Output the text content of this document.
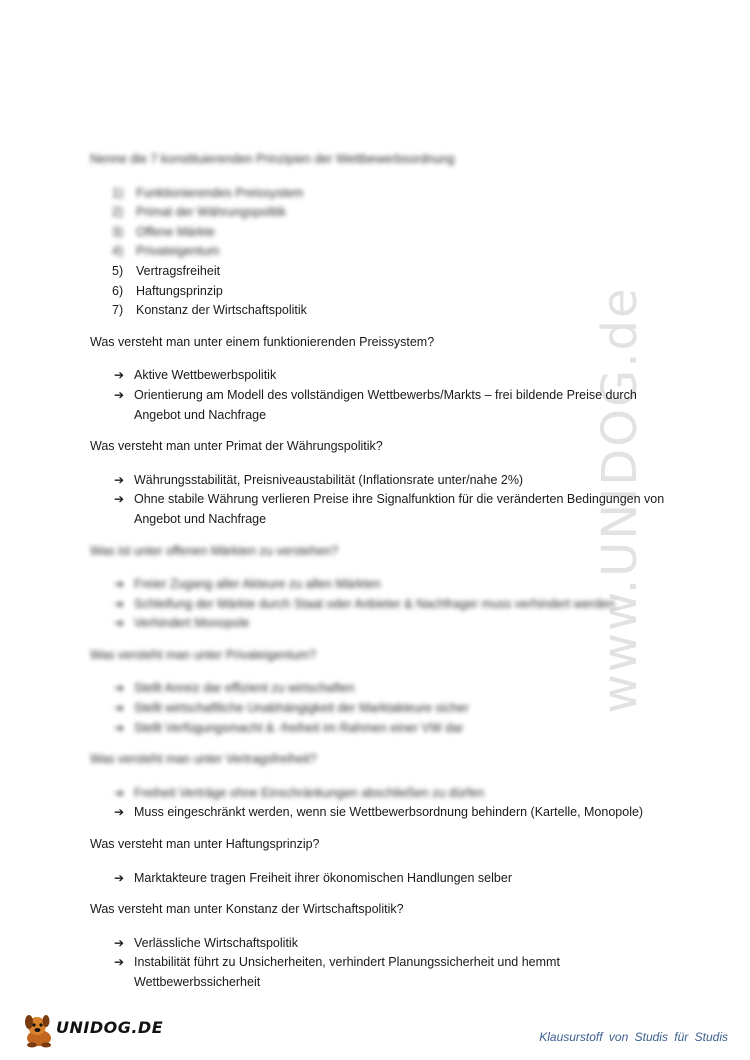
www.UNIDOG.de
Nenne die 7 konstituierenden Prinzipien der Wettbewerbsordnung
1)	Funktionierendes Preissystem
2)	Primat der Währungspolitik
3)	Offene Märkte
4)	Privateigentum
5)	Vertragsfreiheit
6)	Haftungsprinzip
7)	Konstanz der Wirtschaftspolitik
Was versteht man unter einem funktionierenden Preissystem?
➔ Aktive Wettbewerbspolitik
➔ Orientierung am Modell des vollständigen Wettbewerbs/Markts – frei bildende Preise durch Angebot und Nachfrage
Was versteht man unter Primat der Währungspolitik?
➔ Währungsstabilität, Preisniveaustabilität (Inflationsrate unter/nahe 2%)
➔ Ohne stabile Währung verlieren Preise ihre Signalfunktion für die veränderten Bedingungen von Angebot und Nachfrage
Was ist unter offenen Märkten zu verstehen?
➔ Freier Zugang aller Akteure zu allen Märkten
➔ Schleifung der Märkte durch Staat oder Anbieter & Nachfrager muss verhindert werden
➔ Verhindert Monopole
Was versteht man unter Privateigentum?
➔ Stellt Anreiz dar effizient zu wirtschaften
➔ Stellt wirtschaftliche Unabhängigkeit der Marktakteure sicher
➔ Stellt Verfügungsmacht & -freiheit im Rahmen einer VW dar
Was versteht man unter Vertragsfreiheit?
➔ Freiheit Verträge ohne Einschränkungen abschließen zu dürfen
➔ Muss eingeschränkt werden, wenn sie Wettbewerbsordnung behindern (Kartelle, Monopole)
Was versteht man unter Haftungsprinzip?
➔ Marktakteure tragen Freiheit ihrer ökonomischen Handlungen selber
Was versteht man unter Konstanz der Wirtschaftspolitik?
➔ Verlässliche Wirtschaftspolitik
➔ Instabilität führt zu Unsicherheiten, verhindert Planungssicherheit und hemmt Wettbewerbssicherheit
UNIDOG.DE	Klausurstoff von Studis für Studis
